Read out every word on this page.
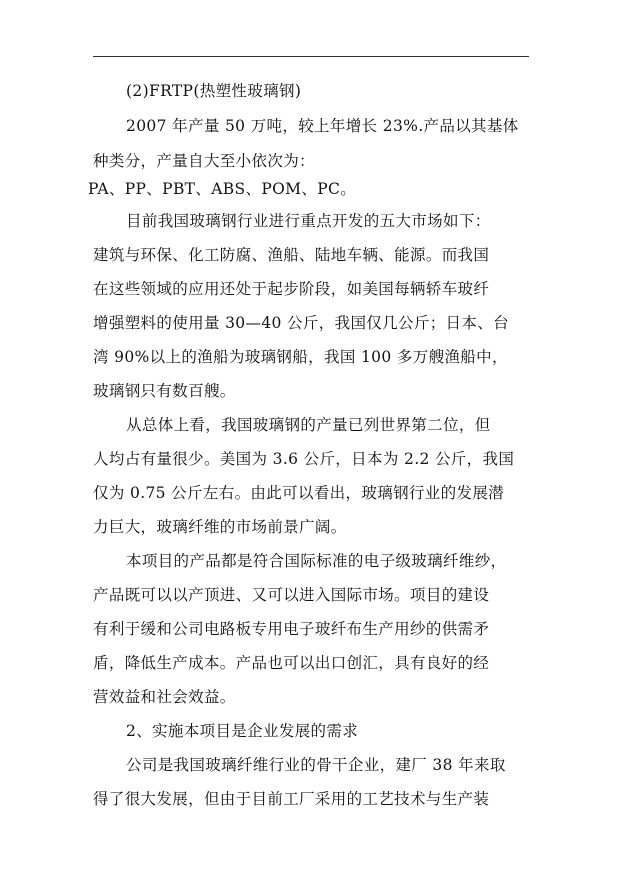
(2)FRTP(热塑性玻璃钢)
2007 年产量 50 万吨，较上年增长 23%.产品以其基体
种类分，产量自大至小依次为：
PA、PP、PBT、ABS、POM、PC。
目前我国玻璃钢行业进行重点开发的五大市场如下：
建筑与环保、化工防腐、渔船、陆地车辆、能源。而我国
在这些领域的应用还处于起步阶段，如美国每辆轿车玻纤
增强塑料的使用量 30—40 公斤，我国仅几公斤；日本、台
湾 90%以上的渔船为玻璃钢船，我国 100 多万艘渔船中，
玻璃钢只有数百艘。
从总体上看，我国玻璃钢的产量已列世界第二位，但
人均占有量很少。美国为 3.6 公斤，日本为 2.2 公斤，我国
仅为 0.75 公斤左右。由此可以看出，玻璃钢行业的发展潜
力巨大，玻璃纤维的市场前景广阔。
本项目的产品都是符合国际标准的电子级玻璃纤维纱，
产品既可以以产顶进、又可以进入国际市场。项目的建设
有利于缓和公司电路板专用电子玻纤布生产用纱的供需矛
盾，降低生产成本。产品也可以出口创汇，具有良好的经
营效益和社会效益。
2、实施本项目是企业发展的需求
公司是我国玻璃纤维行业的骨干企业，建厂 38 年来取
得了很大发展，但由于目前工厂采用的工艺技术与生产装
